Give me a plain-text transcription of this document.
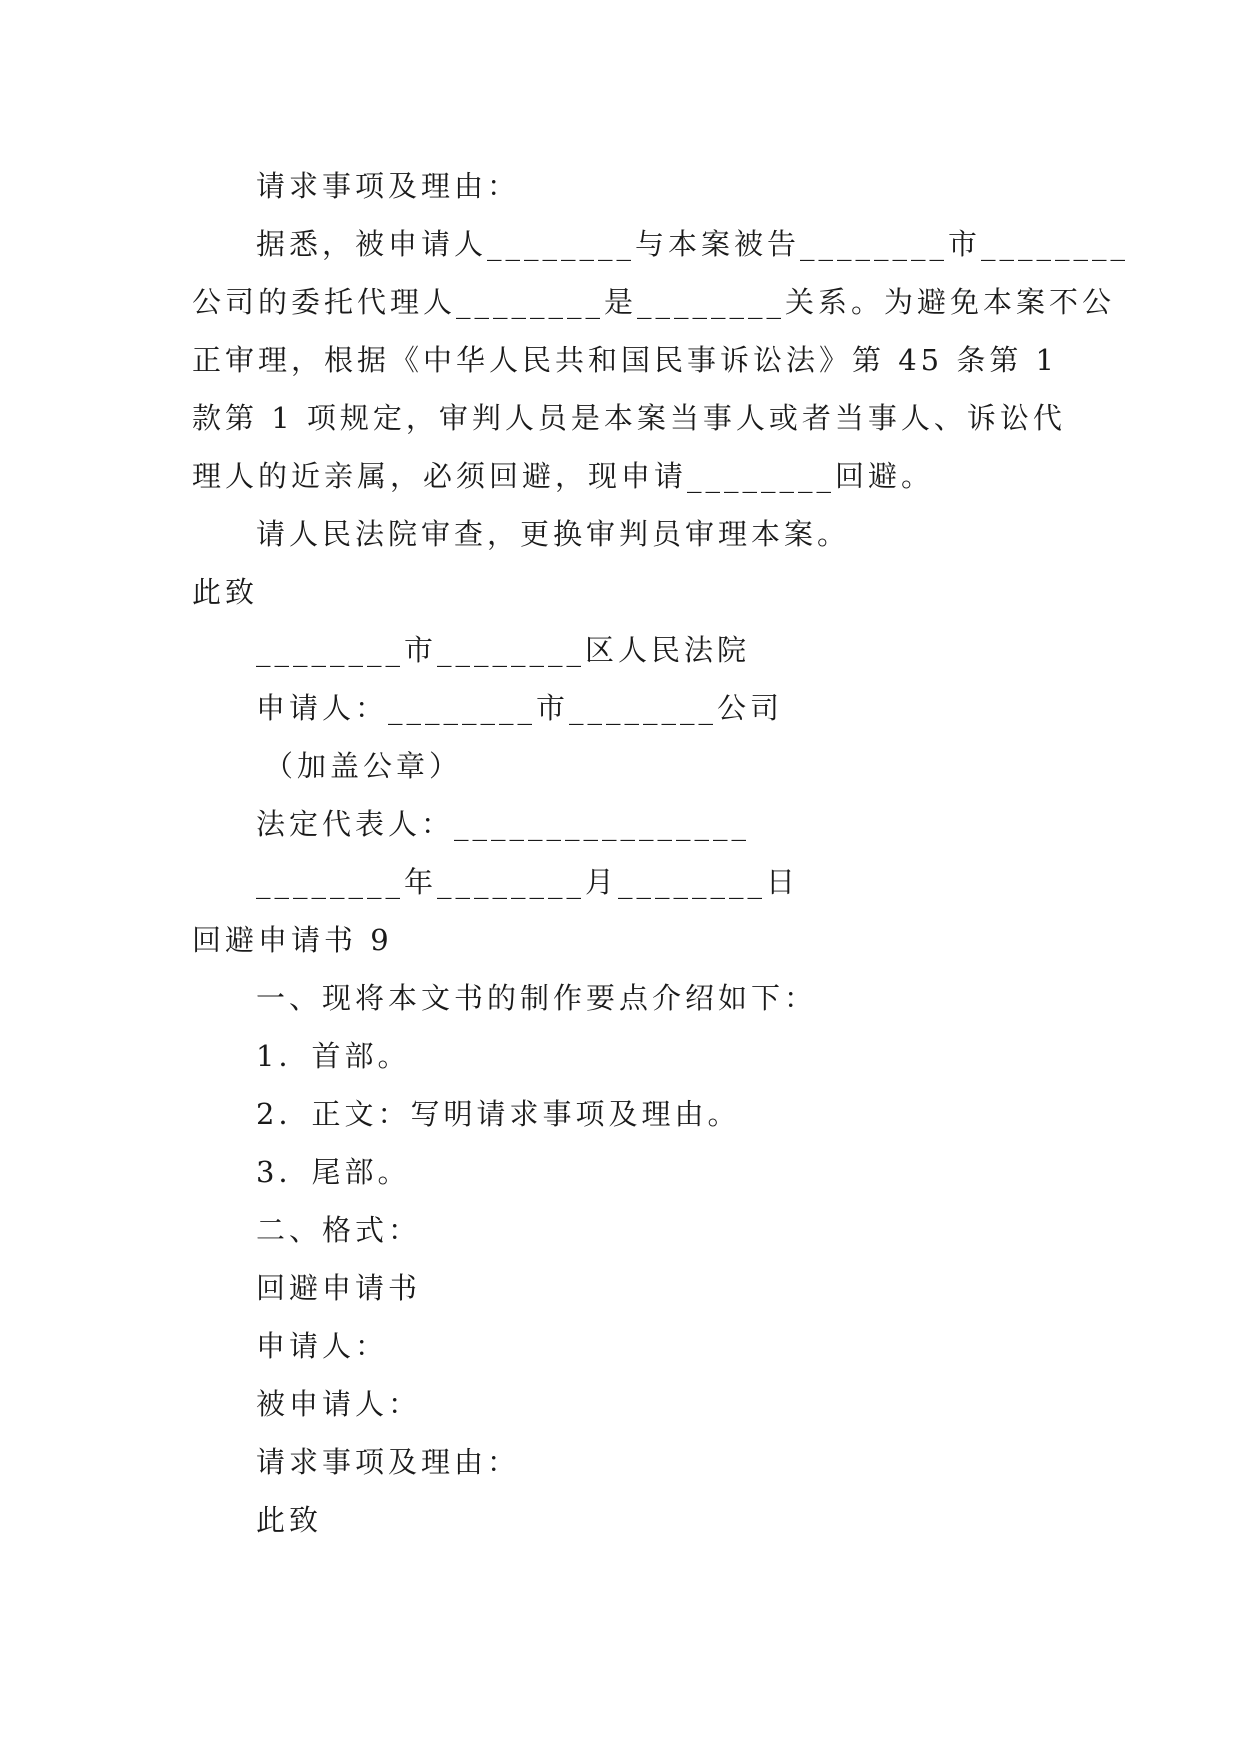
请求事项及理由：
据悉，被申请人________与本案被告________市________
公司的委托代理人________是________关系。为避免本案不公
正审理，根据《中华人民共和国民事诉讼法》第 45 条第 1
款第 1 项规定，审判人员是本案当事人或者当事人、诉讼代
理人的近亲属，必须回避，现申请________回避。
请人民法院审查，更换审判员审理本案。
此致
________市________区人民法院
申请人：________市________公司
（加盖公章）
法定代表人：________________
________年________月________日
回避申请书 9
一、现将本文书的制作要点介绍如下：
1．首部。
2．正文：写明请求事项及理由。
3．尾部。
二、格式：
回避申请书
申请人：
被申请人：
请求事项及理由：
此致
